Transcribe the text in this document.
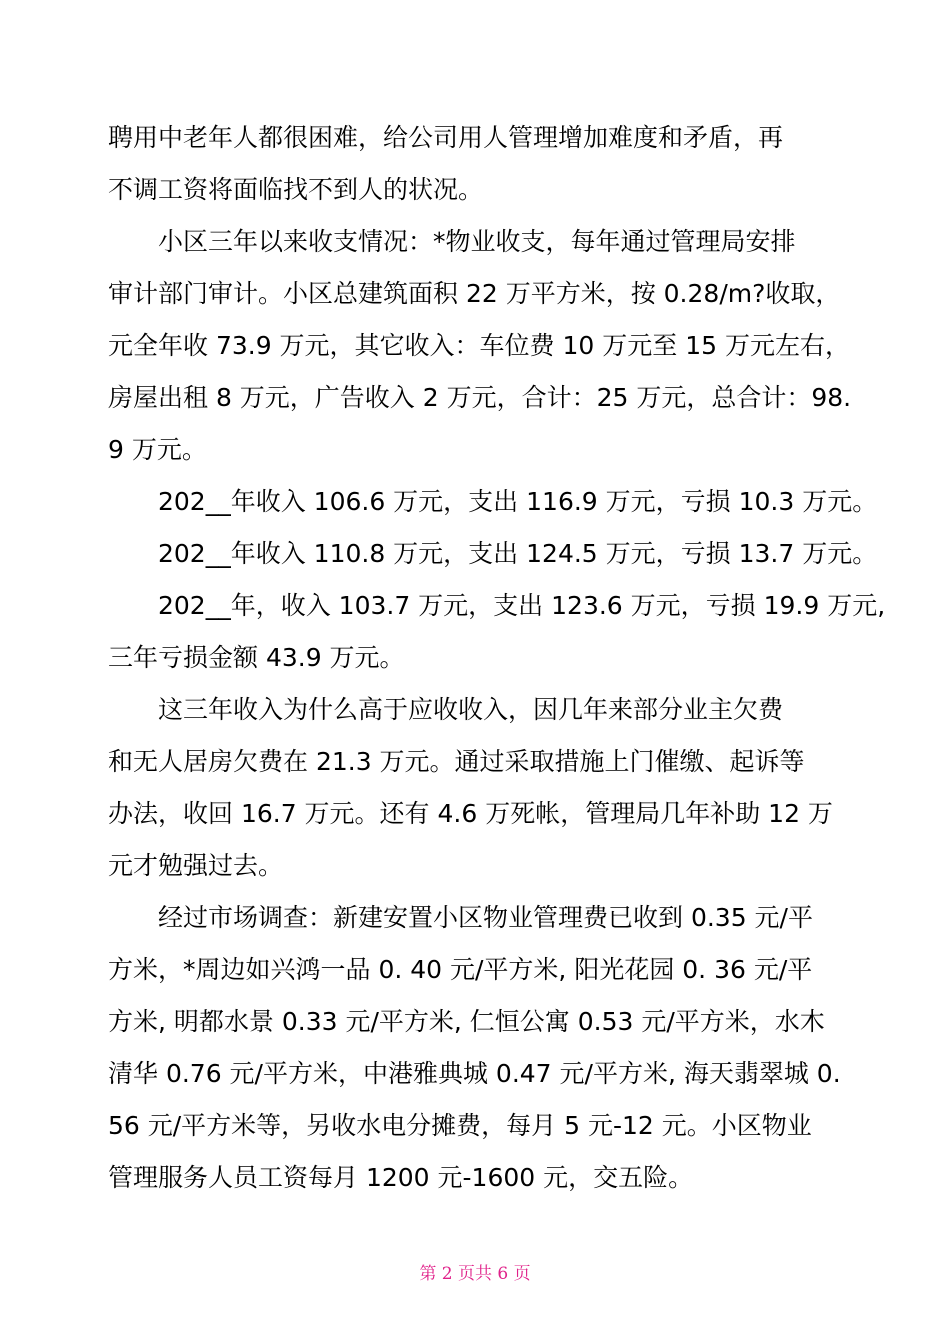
聘用中老年人都很困难，给公司用人管理增加难度和矛盾，再
不调工资将面临找不到人的状况。
小区三年以来收支情况：*物业收支，每年通过管理局安排
审计部门审计。小区总建筑面积 22 万平方米，按 0.28/m?收取，
元全年收 73.9 万元，其它收入：车位费 10 万元至 15 万元左右，
房屋出租 8 万元，广告收入 2 万元，合计：25 万元，总合计：98.
9 万元。
202__年收入 106.6 万元，支出 116.9 万元，亏损 10.3 万元。
202__年收入 110.8 万元，支出 124.5 万元，亏损 13.7 万元。
202__年，收入 103.7 万元，支出 123.6 万元，亏损 19.9 万元,
三年亏损金额 43.9 万元。
这三年收入为什么高于应收收入，因几年来部分业主欠费
和无人居房欠费在 21.3 万元。通过采取措施上门催缴、起诉等
办法，收回 16.7 万元。还有 4.6 万死帐，管理局几年补助 12 万
元才勉强过去。
经过市场调查：新建安置小区物业管理费已收到 0.35 元/平
方米，*周边如兴鸿一品 0. 40 元/平方米, 阳光花园 0. 36 元/平
方米, 明都水景 0.33 元/平方米, 仁恒公寓 0.53 元/平方米，水木
清华 0.76 元/平方米，中港雅典城 0.47 元/平方米, 海天翡翠城 0.
56 元/平方米等，另收水电分摊费，每月 5 元-12 元。小区物业
管理服务人员工资每月 1200 元-1600 元，交五险。
第 2 页共 6 页
